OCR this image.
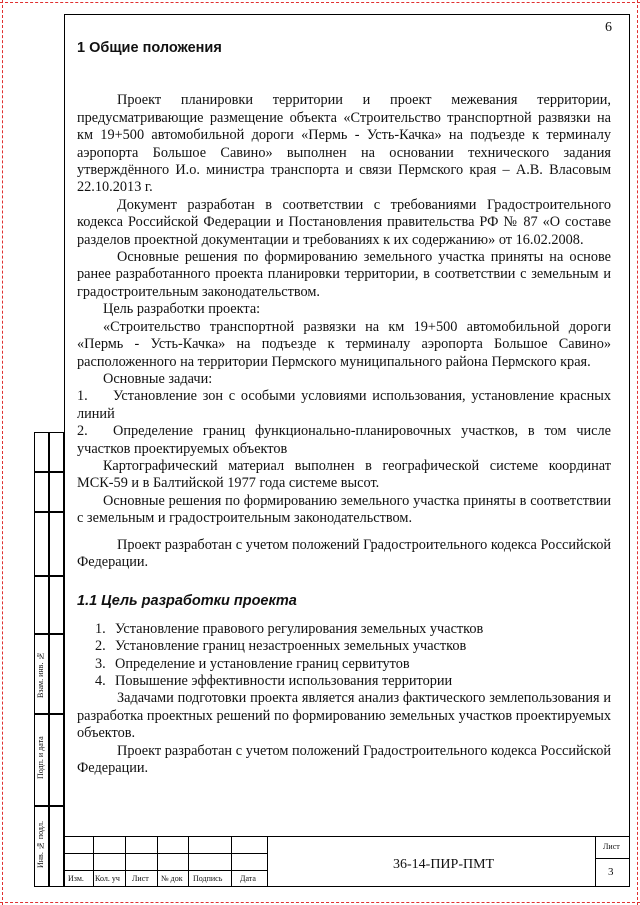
6
1 Общие положения

Проект планировки территории и проект межевания территории, предусматривающие размещение объекта «Строительство транспортной развязки на км 19+500 автомобильной дороги «Пермь - Усть-Качка» на подъезде к терминалу аэропорта Большое Савино» выполнен на основании технического задания утверждённого И.о. министра транспорта и связи Пермского края – А.В. Власовым 22.10.2013 г.

Документ разработан в соответствии с требованиями Градостроительного кодекса Российской Федерации и Постановления правительства РФ № 87 «О составе разделов проектной документации и требованиях к их содержанию» от 16.02.2008.

Основные решения по формированию земельного участка приняты на основе ранее разработанного проекта планировки территории, в соответствии с земельным и градостроительным законодательством.

Цель разработки проекта:

«Строительство транспортной развязки на км 19+500 автомобильной дороги «Пермь - Усть-Качка» на подъезде к терминалу аэропорта Большое Савино» расположенного на территории Пермского муниципального района Пермского края.

Основные задачи:

1. Установление зон с особыми условиями использования, установление красных линий

2. Определение границ функционально-планировочных участков, в том числе участков проектируемых объектов

Картографический материал выполнен в географической системе координат МСК-59 и в Балтийской 1977 года системе высот.

Основные решения по формированию земельного участка приняты в соответствии с земельным и градостроительным законодательством.

Проект разработан с учетом положений Градостроительного кодекса Российской Федерации.

1.1 Цель разработки проекта
1. Установление правового регулирования земельных участков
2. Установление границ незастроенных земельных участков
3. Определение и установление границ сервитутов
4. Повышение эффективности использования территории

Задачами подготовки проекта является анализ фактического землепользования и разработка проектных решений по формированию земельных участков проектируемых объектов.

Проект разработан с учетом положений Градостроительного кодекса Российской Федерации.

Взам. инв. №
Подп. и дата
Инв. № подл.
Изм. Кол. уч Лист № док Подпись Дата
Лист
3
36-14-ПИР-ПМТ
